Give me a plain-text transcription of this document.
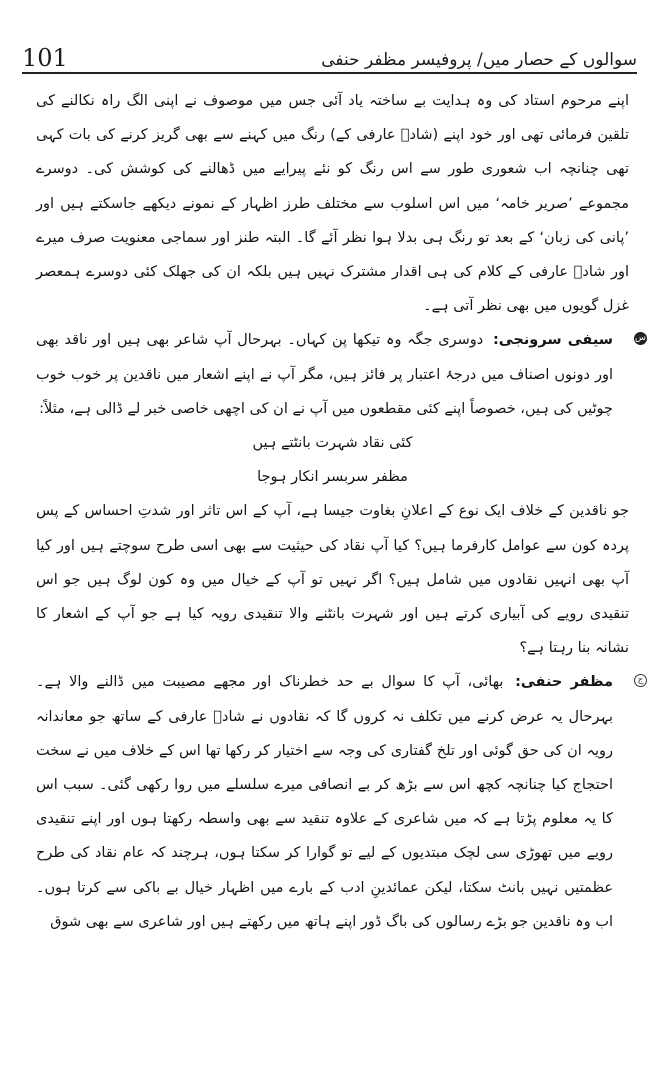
101	سوالوں کے حصار میں/ پروفیسر مظفر حنفی

اپنے مرحوم استاد کی وہ ہدایت بے ساختہ یاد آئی جس میں موصوف نے اپنی الگ راہ نکالنے کی تلقین فرمائی تھی اور خود اپنے (شادؔ عارفی کے) رنگ میں کہنے سے بھی گریز کرنے کی بات کہی تھی چنانچہ اب شعوری طور سے اس رنگ کو نئے پیرایے میں ڈھالنے کی کوشش کی۔ دوسرے مجموعے ’صریر خامہ‘ میں اس اسلوب سے مختلف طرز اظہار کے نمونے دیکھے جاسکتے ہیں اور ’پانی کی زبان‘ کے بعد تو رنگ ہی بدلا ہوا نظر آئے گا۔ البتہ طنز اور سماجی معنویت صرف میرے اور شادؔ عارفی کے کلام کی ہی اقدار مشترک نہیں ہیں بلکہ ان کی جھلک کئی دوسرے ہمعصر غزل گویوں میں بھی نظر آتی ہے۔

س
سیفی سرونجی: دوسری جگہ وہ تیکھا پن کہاں۔ بہرحال آپ شاعر بھی ہیں اور ناقد بھی اور دونوں اصناف میں درجۂ اعتبار پر فائز ہیں، مگر آپ نے اپنے اشعار میں ناقدین پر خوب خوب چوٹیں کی ہیں، خصوصاً اپنے کئی مقطعوں میں آپ نے ان کی اچھی خاصی خبر لے ڈالی ہے، مثلاً:

کئی نقاد شہرت بانٹتے ہیں
مظفر سربسر انکار ہوجا

جو ناقدین کے خلاف ایک نوع کے اعلانِ بغاوت جیسا ہے، آپ کے اس تاثر اور شدتِ احساس کے پس پردہ کون سے عوامل کارفرما ہیں؟ کیا آپ نقاد کی حیثیت سے بھی اسی طرح سوچتے ہیں اور کیا آپ بھی انہیں نقادوں میں شامل ہیں؟ اگر نہیں تو آپ کے خیال میں وہ کون لوگ ہیں جو اس تنقیدی رویے کی آبیاری کرتے ہیں اور شہرت بانٹنے والا تنقیدی رویہ کیا ہے جو آپ کے اشعار کا نشانہ بنا رہتا ہے؟

ج
مظفر حنفی: بھائی، آپ کا سوال بے حد خطرناک اور مجھے مصیبت میں ڈالنے والا ہے۔ بہرحال یہ عرض کرنے میں تکلف نہ کروں گا کہ نقادوں نے شادؔ عارفی کے ساتھ جو معاندانہ رویہ ان کی حق گوئی اور تلخ گفتاری کی وجہ سے اختیار کر رکھا تھا اس کے خلاف میں نے سخت احتجاج کیا چنانچہ کچھ اس سے بڑھ کر بے انصافی میرے سلسلے میں روا رکھی گئی۔ سبب اس کا یہ معلوم پڑتا ہے کہ میں شاعری کے علاوہ تنقید سے بھی واسطہ رکھتا ہوں اور اپنے تنقیدی رویے میں تھوڑی سی لچک مبتدیوں کے لیے تو گوارا کر سکتا ہوں، ہرچند کہ عام نقاد کی طرح عظمتیں نہیں بانٹ سکتا، لیکن عمائدینِ ادب کے بارے میں اظہار خیال بے باکی سے کرتا ہوں۔ اب وہ ناقدین جو بڑے رسالوں کی باگ ڈور اپنے ہاتھ میں رکھتے ہیں اور شاعری سے بھی شوق
